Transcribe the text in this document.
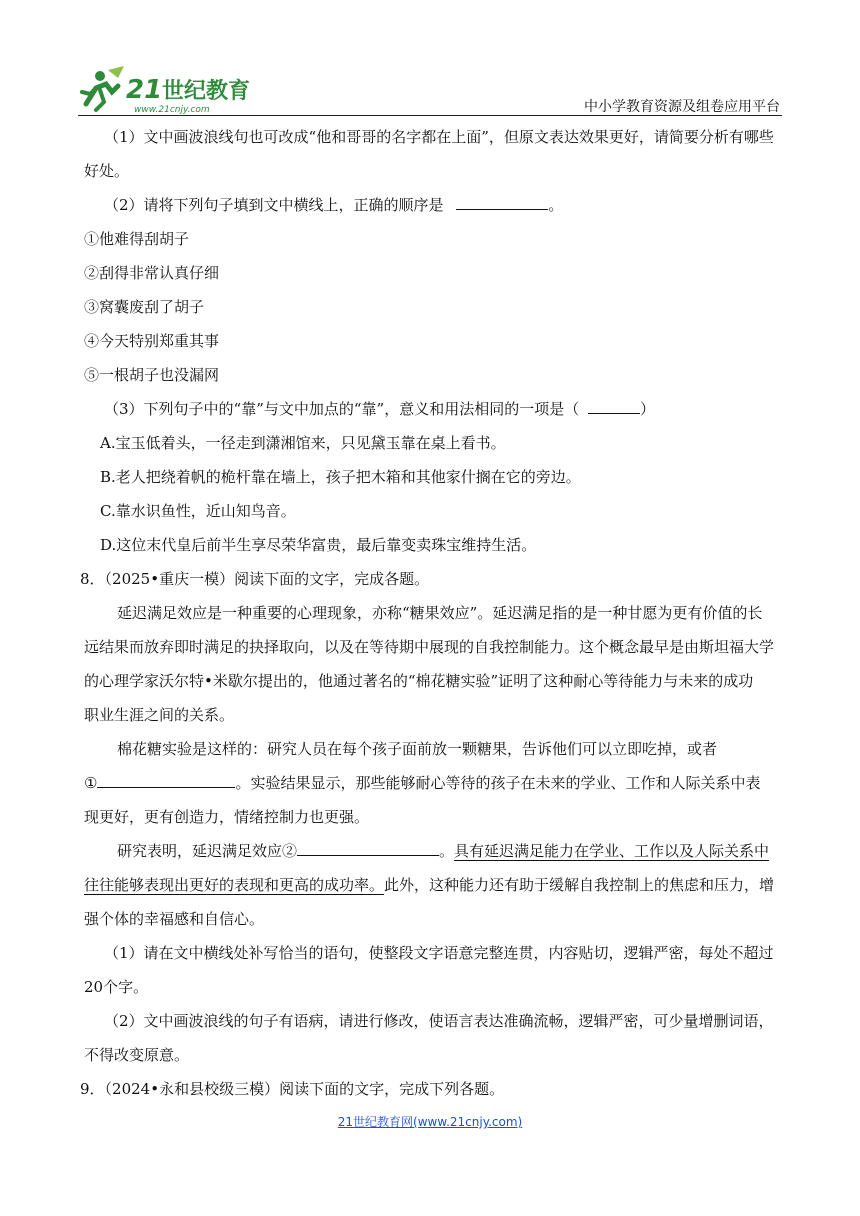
21 世纪教育
www.21cnjy.com	中小学教育资源及组卷应用平台
（1）文中画波浪线句也可改成“他和哥哥的名字都在上面”，但原文表达效果更好，请简要分析有哪些
好处。
（2）请将下列句子填到文中横线上，正确的顺序是	。
①他难得刮胡子
②刮得非常认真仔细
③窝囊废刮了胡子
④今天特别郑重其事
⑤一根胡子也没漏网
（3）下列句子中的“靠”与文中加点的“靠”，意义和用法相同的一项是（	）
A.宝玉低着头，一径走到潇湘馆来，只见黛玉靠在桌上看书。
B.老人把绕着帆的桅杆靠在墙上，孩子把木箱和其他家什搁在它的旁边。
C.靠水识鱼性，近山知鸟音。
D.这位末代皇后前半生享尽荣华富贵，最后靠变卖珠宝维持生活。
8．（2025•重庆一模）阅读下面的文字，完成各题。
延迟满足效应是一种重要的心理现象，亦称“糖果效应”。延迟满足指的是一种甘愿为更有价值的长
远结果而放弃即时满足的抉择取向，以及在等待期中展现的自我控制能力。这个概念最早是由斯坦福大学
的心理学家沃尔特•米歇尔提出的，他通过著名的“棉花糖实验”证明了这种耐心等待能力与未来的成功
职业生涯之间的关系。
棉花糖实验是这样的：研究人员在每个孩子面前放一颗糖果，告诉他们可以立即吃掉，或者
①	。实验结果显示，那些能够耐心等待的孩子在未来的学业、工作和人际关系中表
现更好，更有创造力，情绪控制力也更强。
研究表明，延迟满足效应②	。具有延迟满足能力在学业、工作以及人际关系中
往往能够表现出更好的表现和更高的成功率。此外，这种能力还有助于缓解自我控制上的焦虑和压力，增
强个体的幸福感和自信心。
（1）请在文中横线处补写恰当的语句，使整段文字语意完整连贯，内容贴切，逻辑严密，每处不超过
20个字。
（2）文中画波浪线的句子有语病，请进行修改，使语言表达准确流畅，逻辑严密，可少量增删词语，
不得改变原意。
9．（2024•永和县校级三模）阅读下面的文字，完成下列各题。
21世纪教育网(www.21cnjy.com)
